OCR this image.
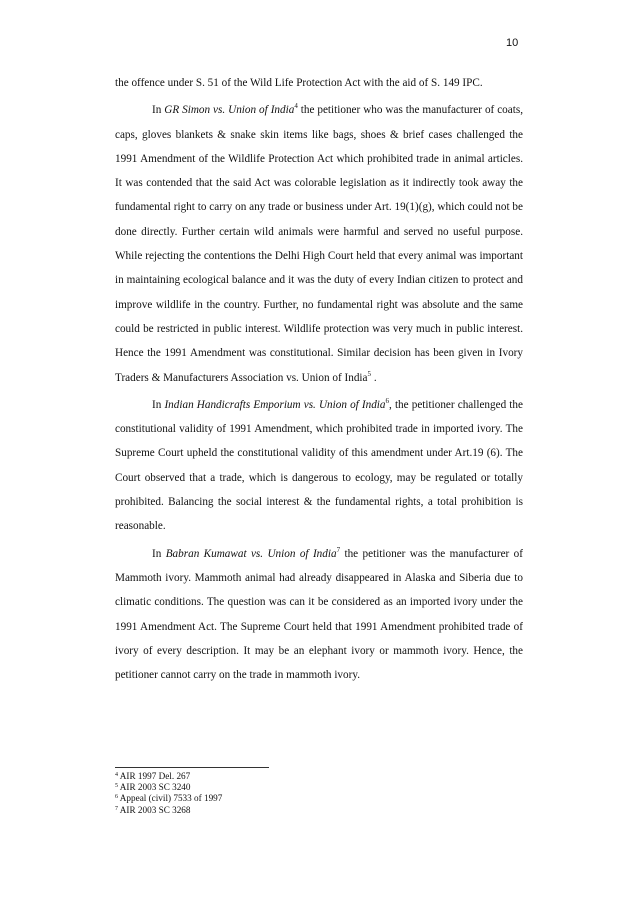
10

the offence under S. 51 of the Wild Life Protection Act with the aid of S. 149 IPC.

In GR Simon vs. Union of India$^4$ the petitioner who was the manufacturer of coats, caps, gloves blankets & snake skin items like bags, shoes & brief cases challenged the 1991 Amendment of the Wildlife Protection Act which prohibited trade in animal articles. It was contended that the said Act was colorable legislation as it indirectly took away the fundamental right to carry on any trade or business under Art. 19(1)(g), which could not be done directly. Further certain wild animals were harmful and served no useful purpose. While rejecting the contentions the Delhi High Court held that every animal was important in maintaining ecological balance and it was the duty of every Indian citizen to protect and improve wildlife in the country. Further, no fundamental right was absolute and the same could be restricted in public interest. Wildlife protection was very much in public interest. Hence the 1991 Amendment was constitutional. Similar decision has been given in Ivory Traders & Manufacturers Association vs. Union of India$^5$ .

In Indian Handicrafts Emporium vs. Union of India$^6$, the petitioner challenged the constitutional validity of 1991 Amendment, which prohibited trade in imported ivory. The Supreme Court upheld the constitutional validity of this amendment under Art.19 (6). The Court observed that a trade, which is dangerous to ecology, may be regulated or totally prohibited. Balancing the social interest & the fundamental rights, a total prohibition is reasonable.

In Babran Kumawat vs. Union of India$^7$ the petitioner was the manufacturer of Mammoth ivory. Mammoth animal had already disappeared in Alaska and Siberia due to climatic conditions. The question was can it be considered as an imported ivory under the 1991 Amendment Act. The Supreme Court held that 1991 Amendment prohibited trade of ivory of every description. It may be an elephant ivory or mammoth ivory. Hence, the petitioner cannot carry on the trade in mammoth ivory.

$^4$ AIR 1997 Del. 267
$^5$ AIR 2003 SC 3240
$^6$ Appeal (civil) 7533 of 1997
$^7$ AIR 2003 SC 3268
